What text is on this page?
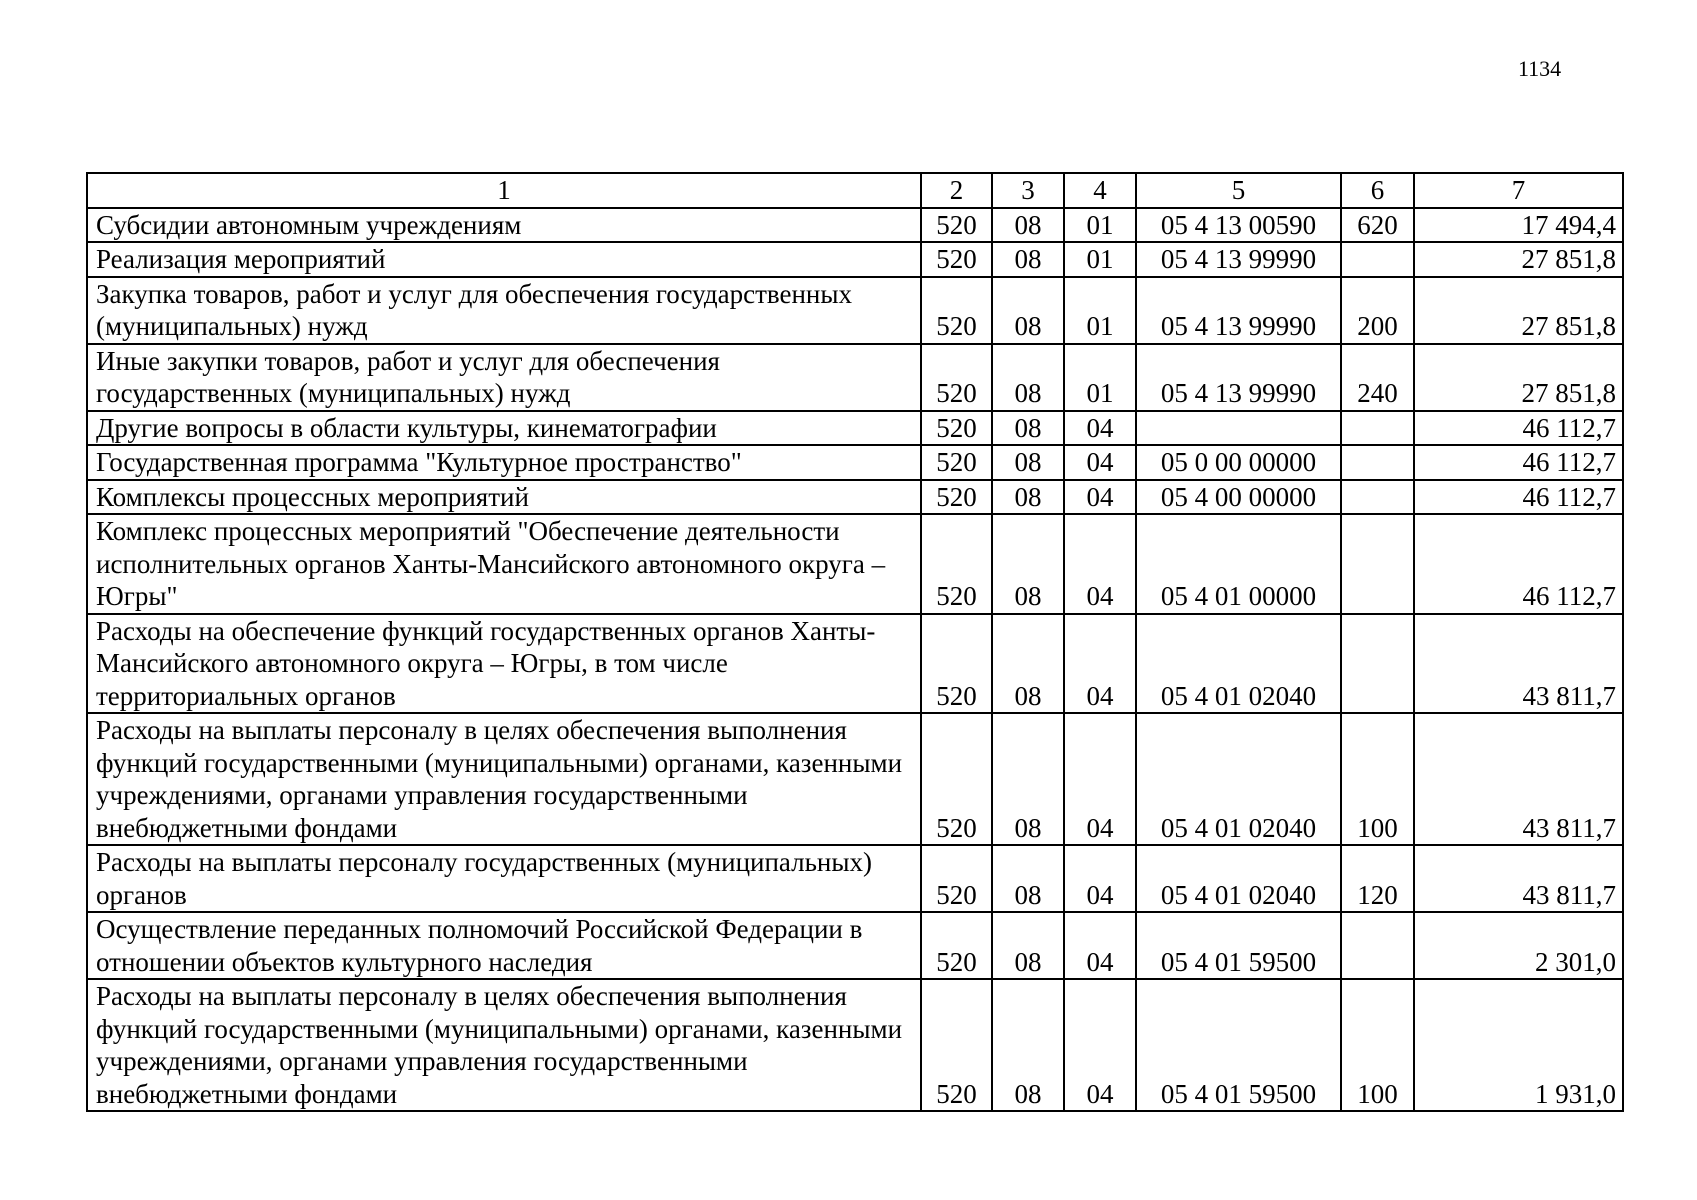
1134
1	2	3	4	5	6	7
Субсидии автономным учреждениям	520	08	01	05 4 13 00590	620	17 494,4
Реализация мероприятий	520	08	01	05 4 13 99990		27 851,8
Закупка товаров, работ и услуг для обеспечения государственных (муниципальных) нужд	520	08	01	05 4 13 99990	200	27 851,8
Иные закупки товаров, работ и услуг для обеспечения государственных (муниципальных) нужд	520	08	01	05 4 13 99990	240	27 851,8
Другие вопросы в области культуры, кинематографии	520	08	04			46 112,7
Государственная программа "Культурное пространство"	520	08	04	05 0 00 00000		46 112,7
Комплексы процессных мероприятий	520	08	04	05 4 00 00000		46 112,7
Комплекс процессных мероприятий "Обеспечение деятельности исполнительных органов Ханты-Мансийского автономного округа – Югры"	520	08	04	05 4 01 00000		46 112,7
Расходы на обеспечение функций государственных органов Ханты-Мансийского автономного округа – Югры, в том числе территориальных органов	520	08	04	05 4 01 02040		43 811,7
Расходы на выплаты персоналу в целях обеспечения выполнения функций государственными (муниципальными) органами, казенными учреждениями, органами управления государственными внебюджетными фондами	520	08	04	05 4 01 02040	100	43 811,7
Расходы на выплаты персоналу государственных (муниципальных) органов	520	08	04	05 4 01 02040	120	43 811,7
Осуществление переданных полномочий Российской Федерации в отношении объектов культурного наследия	520	08	04	05 4 01 59500		2 301,0
Расходы на выплаты персоналу в целях обеспечения выполнения функций государственными (муниципальными) органами, казенными учреждениями, органами управления государственными внебюджетными фондами	520	08	04	05 4 01 59500	100	1 931,0
